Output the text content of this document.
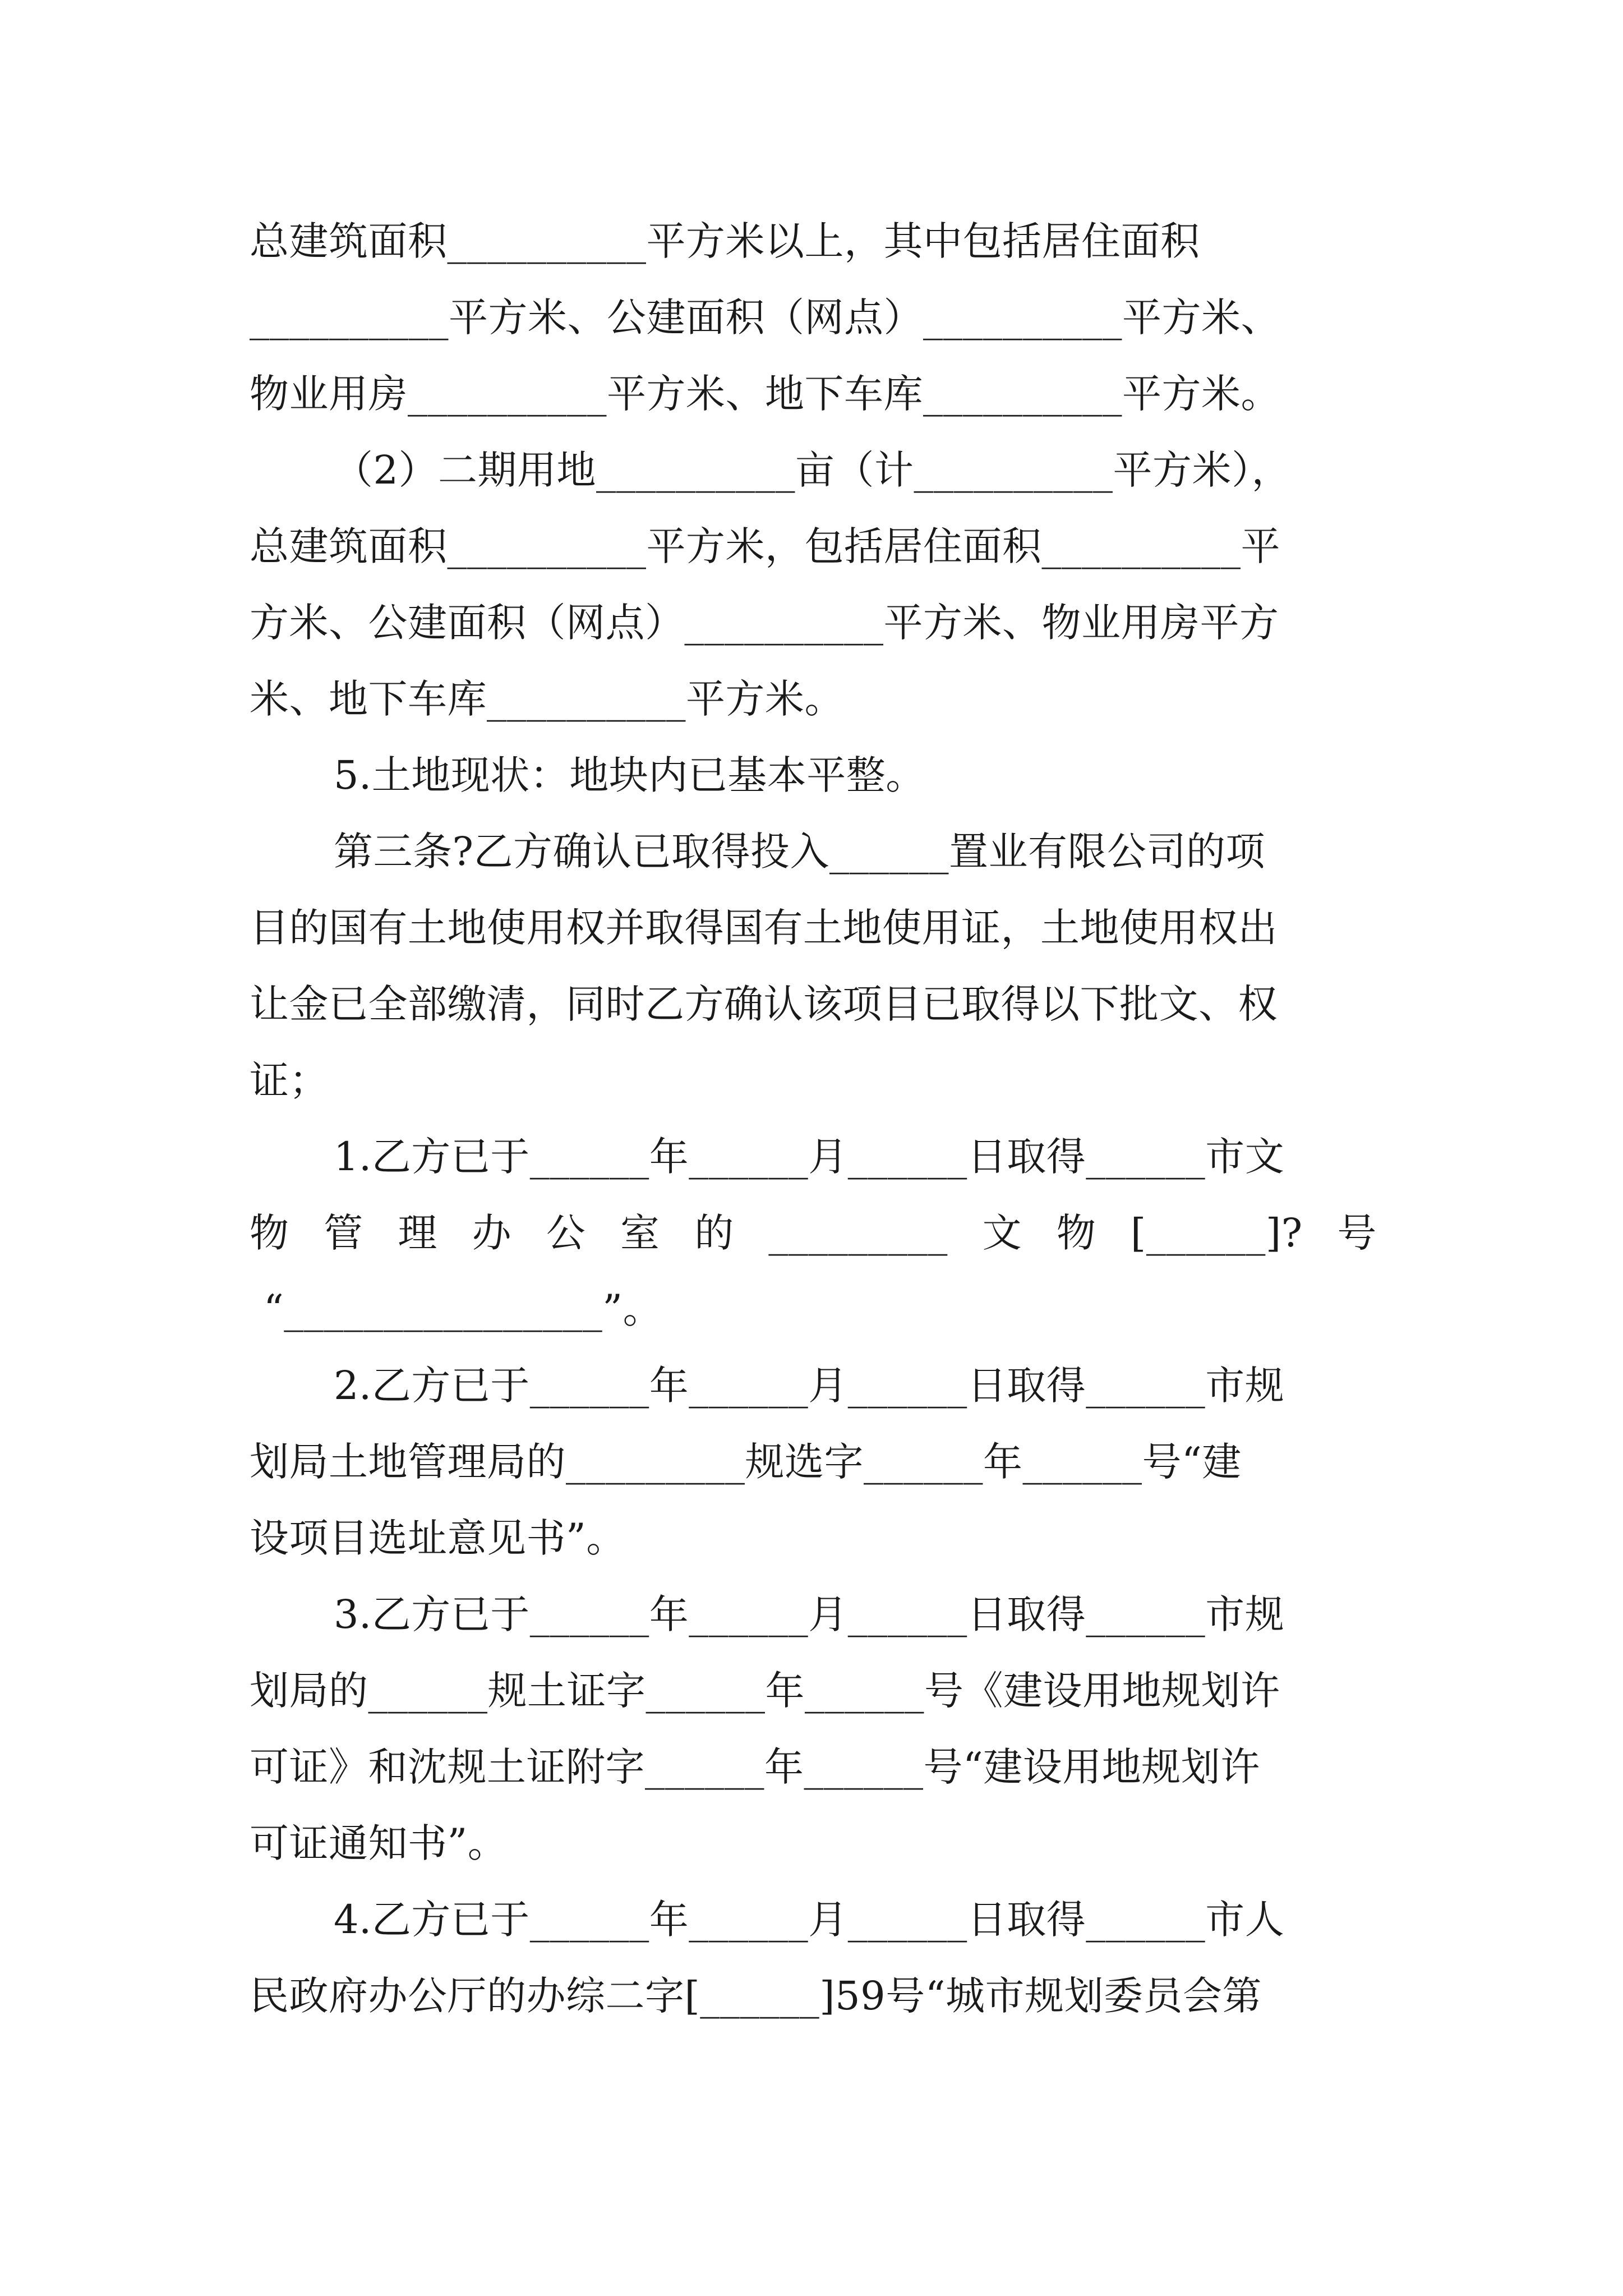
总建筑面积__________平方米以上，其中包括居住面积
__________平方米、公建面积（网点）__________平方米、
物业用房__________平方米、地下车库__________平方米。
（2）二期用地__________亩（计__________平方米），
总建筑面积__________平方米，包括居住面积__________平
方米、公建面积（网点）__________平方米、物业用房平方
米、地下车库__________平方米。
5.土地现状：地块内已基本平整。
第三条?乙方确认已取得投入______置业有限公司的项
目的国有土地使用权并取得国有土地使用证，土地使用权出
让金已全部缴清，同时乙方确认该项目已取得以下批文、权
证；
1.乙方已于______年______月______日取得______市文
物 管 理 办 公 室 的 _________ 文 物 [______]? 号
“________________”。
2.乙方已于______年______月______日取得______市规
划局土地管理局的_________规选字______年______号“建
设项目选址意见书”。
3.乙方已于______年______月______日取得______市规
划局的______规土证字______年______号《建设用地规划许
可证》和沈规土证附字______年______号“建设用地规划许
可证通知书”。
4.乙方已于______年______月______日取得______市人
民政府办公厅的办综二字[______]59号“城市规划委员会第
